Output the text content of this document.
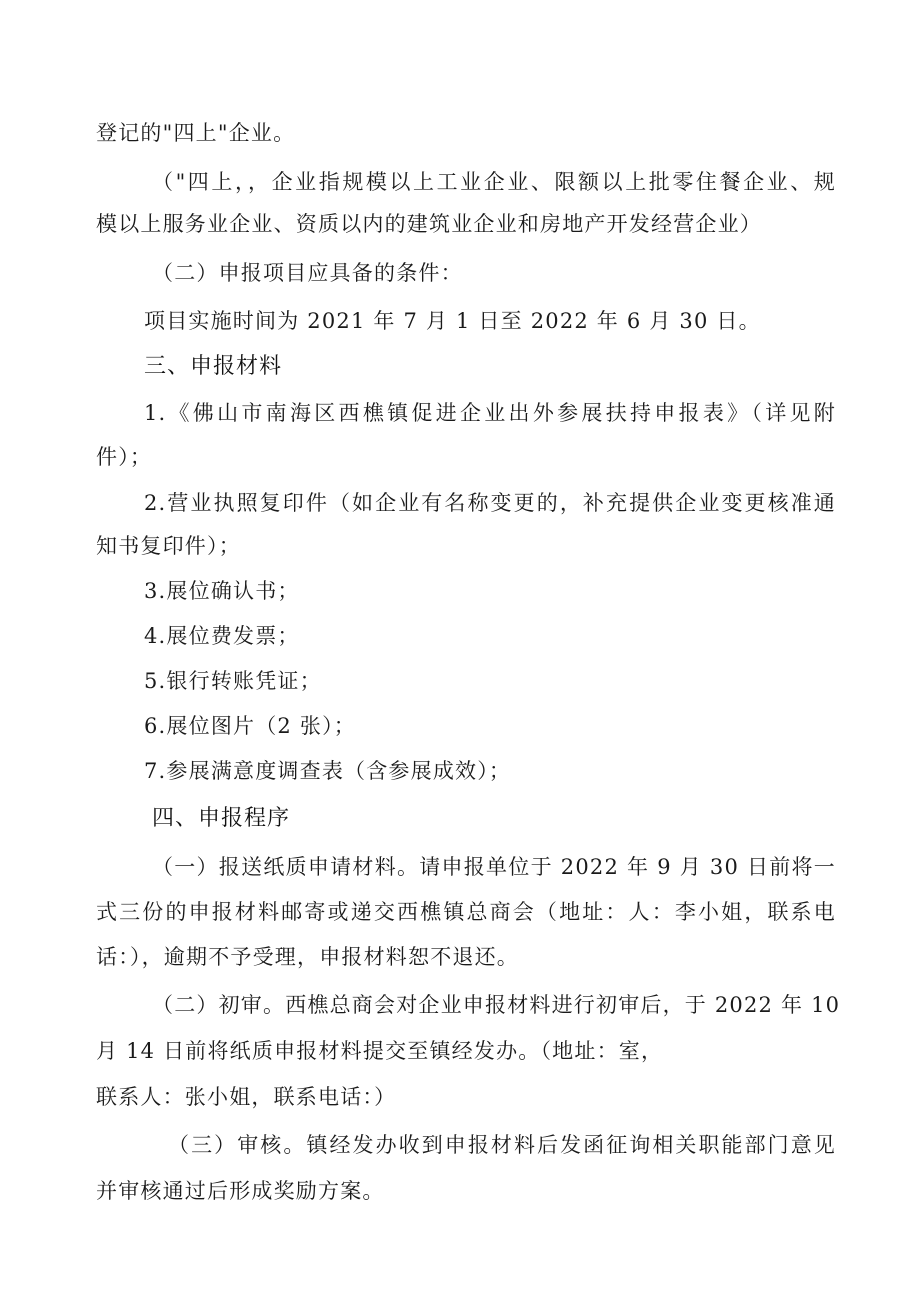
登记的"四上"企业。
（"四上，，企业指规模以上工业企业、限额以上批零住餐企业、规
模以上服务业企业、资质以内的建筑业企业和房地产开发经营企业）
（二）申报项目应具备的条件：
项目实施时间为 2021 年 7 月 1 日至 2022 年 6 月 30 日。
三、申报材料
1.《佛山市南海区西樵镇促进企业出外参展扶持申报表》（详见附
件）；
2.营业执照复印件（如企业有名称变更的，补充提供企业变更核准通
知书复印件）；
3.展位确认书；
4.展位费发票；
5.银行转账凭证；
6.展位图片（2 张）；
7.参展满意度调查表（含参展成效）；
四、申报程序
（一）报送纸质申请材料。请申报单位于 2022 年 9 月 30 日前将一
式三份的申报材料邮寄或递交西樵镇总商会（地址：人：李小姐，联系电
话：），逾期不予受理，申报材料恕不退还。
（二）初审。西樵总商会对企业申报材料进行初审后，于 2022 年 10
月 14 日前将纸质申报材料提交至镇经发办。（地址：室，
联系人：张小姐，联系电话：）
（三）审核。镇经发办收到申报材料后发函征询相关职能部门意见
并审核通过后形成奖励方案。
